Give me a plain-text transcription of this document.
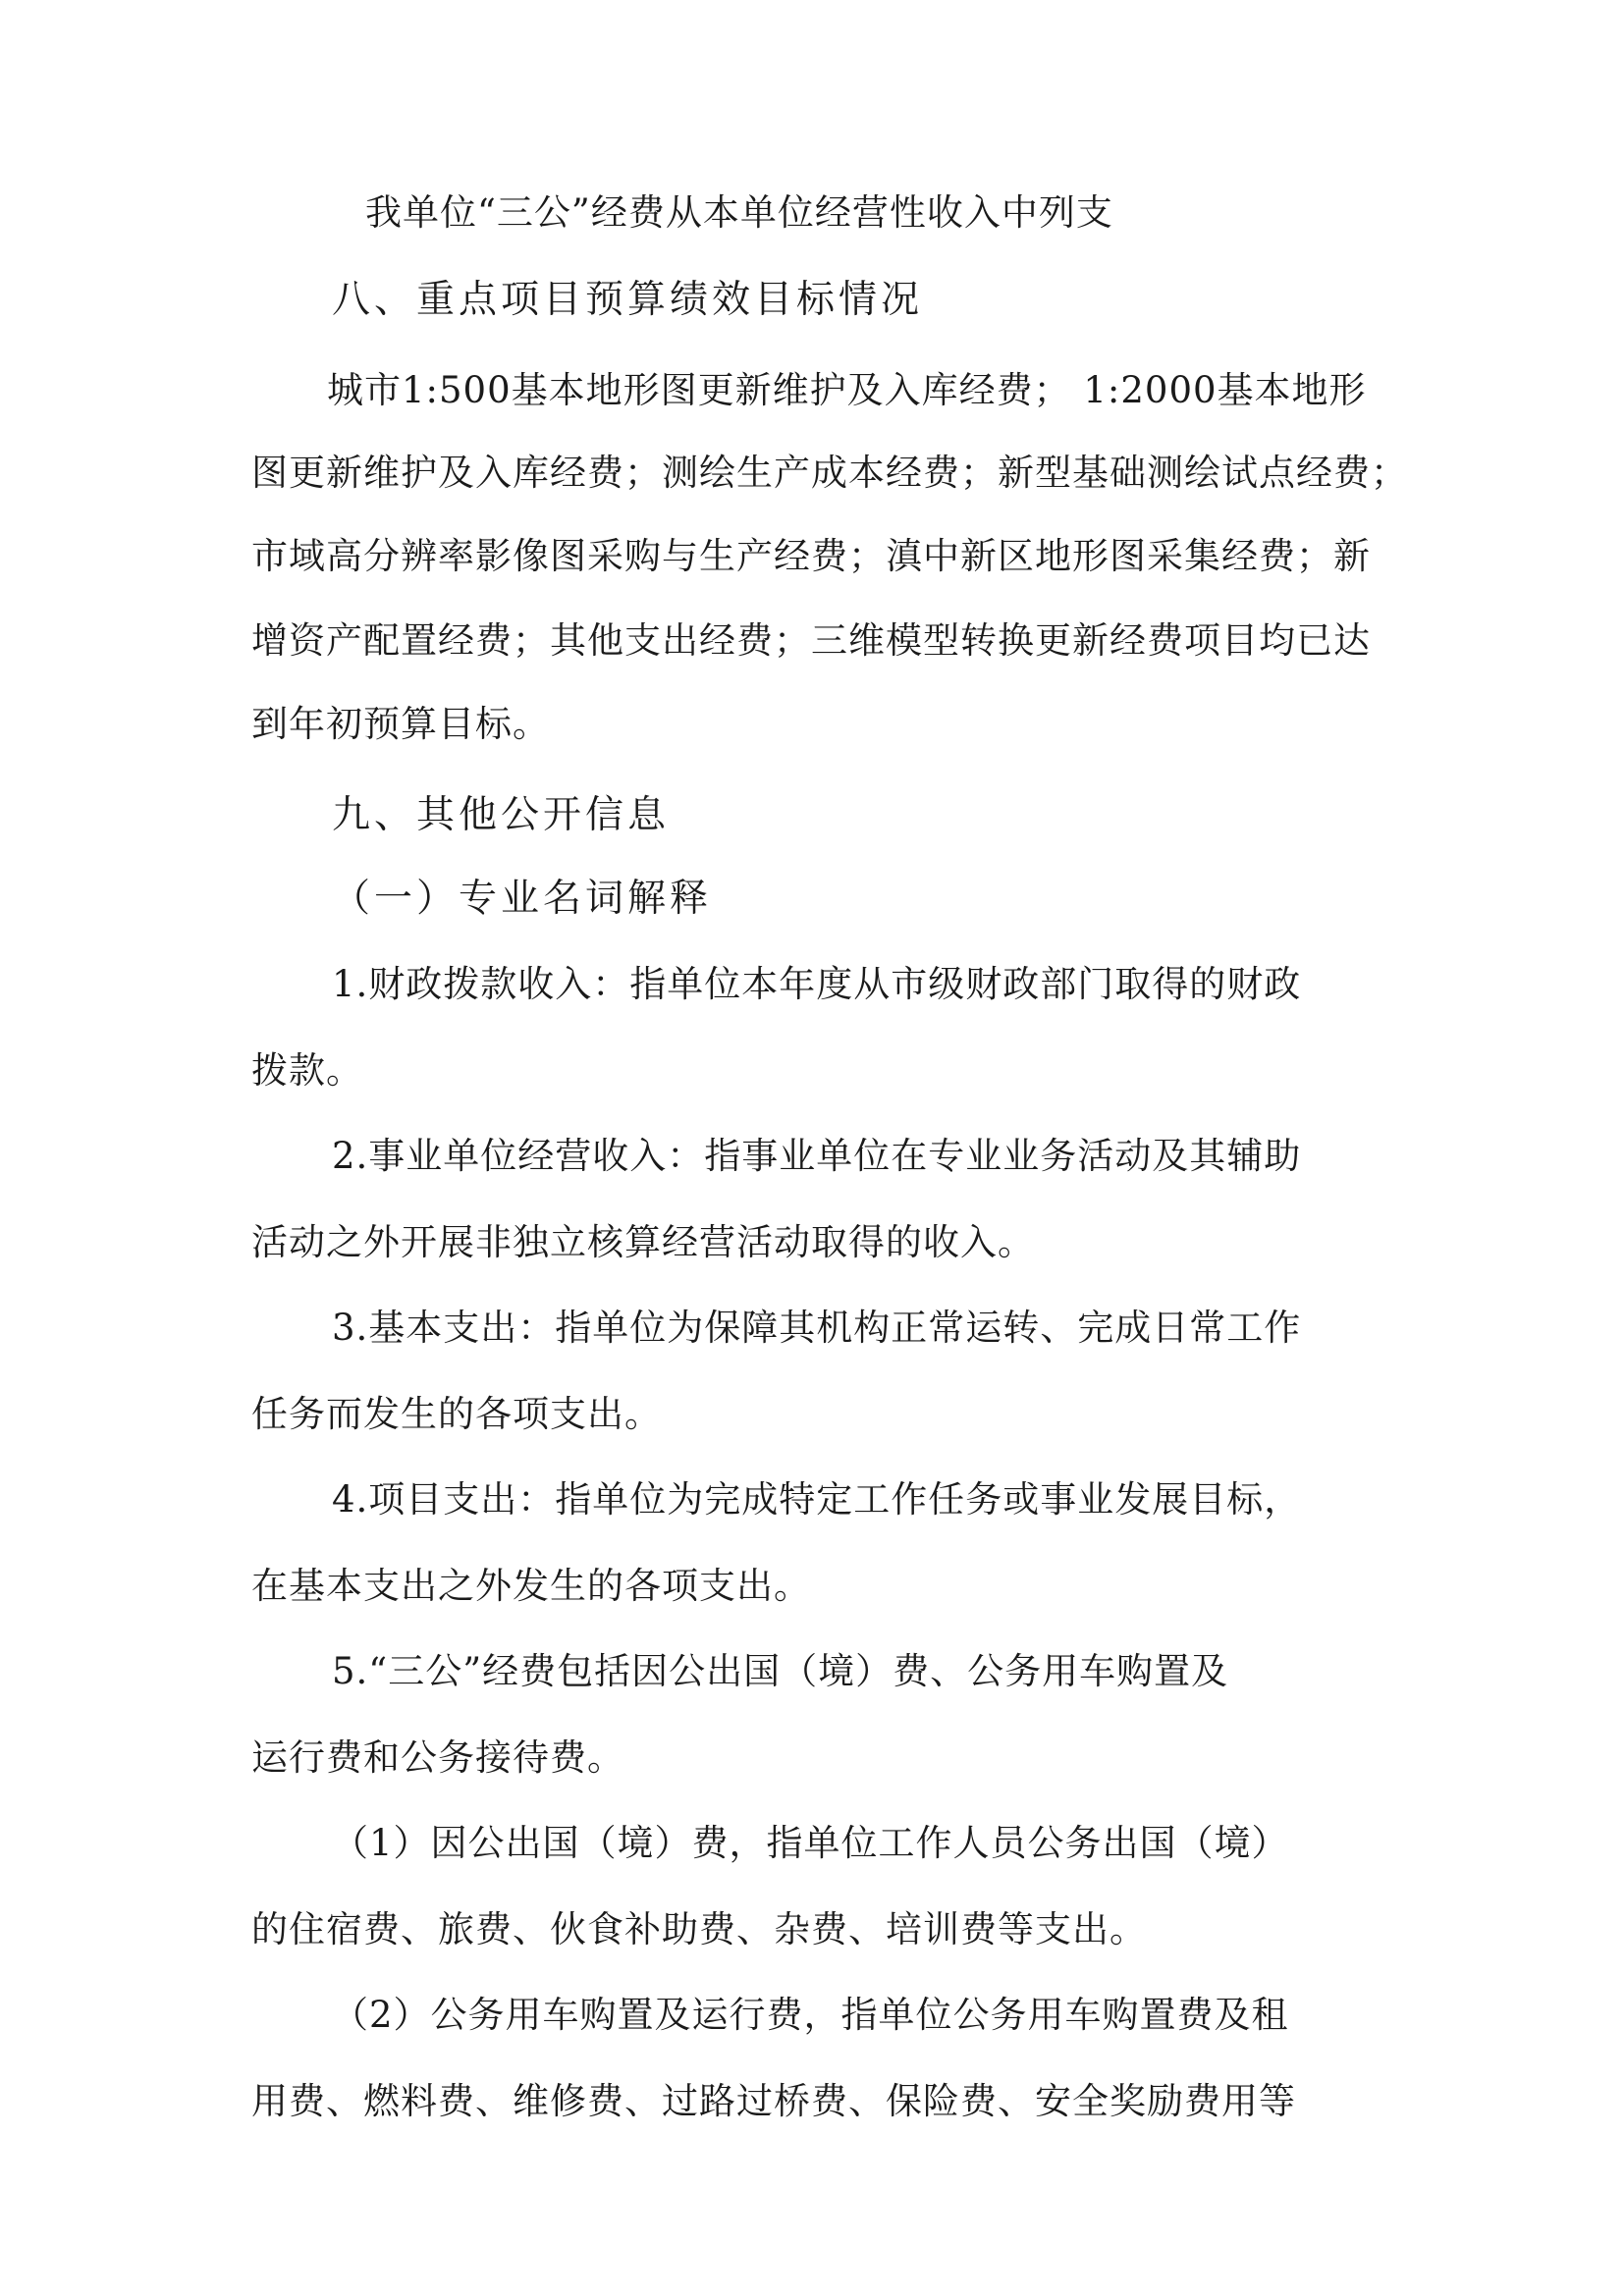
我单位“三公”经费从本单位经营性收入中列支
八、重点项目预算绩效目标情况
城市1:500基本地形图更新维护及入库经费； 1:2000基本地形
图更新维护及入库经费；测绘生产成本经费；新型基础测绘试点经费；
市域高分辨率影像图采购与生产经费；滇中新区地形图采集经费；新
增资产配置经费；其他支出经费；三维模型转换更新经费项目均已达
到年初预算目标。
九、其他公开信息
（一）专业名词解释
1.财政拨款收入：指单位本年度从市级财政部门取得的财政
拨款。
2.事业单位经营收入：指事业单位在专业业务活动及其辅助
活动之外开展非独立核算经营活动取得的收入。
3.基本支出：指单位为保障其机构正常运转、完成日常工作
任务而发生的各项支出。
4.项目支出：指单位为完成特定工作任务或事业发展目标，
在基本支出之外发生的各项支出。
5.“三公”经费包括因公出国（境）费、公务用车购置及
运行费和公务接待费。
（1）因公出国（境）费，指单位工作人员公务出国（境）
的住宿费、旅费、伙食补助费、杂费、培训费等支出。
（2）公务用车购置及运行费，指单位公务用车购置费及租
用费、燃料费、维修费、过路过桥费、保险费、安全奖励费用等
